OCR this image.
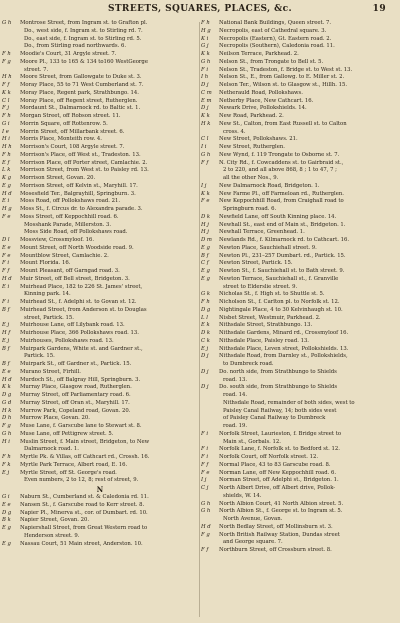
STREETS, SQUARES, PLACES, &c.	19
G h Montrose Street, from Ingram st. to Grafton pl.
Do., west side, f. Ingram st. to Stirling rd. 7.
Do., east side, f. Ingram st. to Stirling rd. 5.
Do., from Stirling road northwards. 6.
F h Moodie's Court, 31 Argyle street. 7.
F g Moore Pl., 133 to 165 & 134 to160 WestGeorge
street. 7.
H h Moore Street, from Gallowgate to Duke st. 3.
F f Moray Place, 55 to 71 West Cumberland st. 7.
K k Moray Place, Regent park, Strathbungo. 14.
C l Moray Place, off Regent street, Rutherglen.
F j Mordaunt St., Dalmarnock rd. to Baltic st. 1.
F h Morgan Street, off Robson street. 11.
G i Morrin Square, off Rottenrow. 5.
I e Morrin Street, off Millarbank street. 6.
H i Morris Place, Monteith row. 4.
H h Morrison's Court, 108 Argyle street. 7.
F h Morrison's Place, off West st., Tradeston. 13.
E f Morrison Place, off Porter street, Camlachie. 2.
L k Morrison Street, from West st. to Paisley rd. 13.
K g Morrison Street, Govan. 20.
E g Morrison Street, off Kelvin st., Maryhill. 17.
H d Mosesfield Ter., Balgrayhill, Springburn. 3.
E i Moss Road, off Pollokshaws road. 21.
H g Moss St., f. Circus dr. to Alexandra parade. 3.
F e Moss Street, off Keppochhill road. 6.
Mosshank Parade, Millerston. 3.
Moss Side Road, off Pollokshaws road.
D l Mossview, Crossmyloof. 16.
E e Mount Street, off North Woodside road. 9.
F e Mountblow Street, Camlachie. 2.
F i Mount Florida. 16.
F f Mount Pleasant, off Garngad road. 3.
H d Muir Street, off Bell street, Bridgeton. 3.
E i Muirhead Place, 182 to 226 St. James' street,
Kinning park. 14.
F i Muirhead St., f. Adelphi st. to Govan st. 12.
B f Muirhead Street, from Anderson st. to Douglas
street, Partick. 15.
E j Muirhouse Lane, off Lilybank road. 13.
H f Muirhouse Place, 366 Pollokshaws road. 13.
E j Muirhouses, Pollokshaws road. 13.
B f Muirpark Gardens, White st. and Gardner st.,
Partick. 15.
B f Muirpark St., off Gardner st., Partick. 15.
E e Murano Street, Firhill.
H d Murdoch St., off Balgray Hill, Springburn. 3.
K k Murray Place, Glasgow road, Rutherglen.
D g Murray Street, off Parliamentary road. 6.
G d Murray Street, off Oran st., Maryhill. 17.
H k Murrow Park, Copeland road, Govan. 20.
D h Murrow Place, Govan. 20.
F g Muse Lane, f. Garscube lane to Stewart st. 8.
G h Muse Lane, off Pettigrew street. 5.
H i Muslin Street, f. Main street, Bridgeton, to New
Dalmarnock road. 1.
F h Myrtle Pk. & Villas, off Cathcart rd., Crossh. 16.
F k Myrtle Park Terrace, Albert road, E. 16.
E j Myrtle Street, off St. George's road.
Even numbers, 2 to 12, 8; rest of street, 9.
N
G i Naburn St., Cumberland st. & Caledonia rd. 11.
E e Nansen St., f. Garscube road to Kerr street. 8.
D g Napier Pl., Minerva st., cor. of Dumbart. rd. 10.
B k Napier Street, Govan. 20.
E g Napiershall Street, from Great Western road to
Henderson street. 9.
E g Nassau Court, 51 Main street, Anderston. 10.
F h National Bank Buildings, Queen street. 7.
H g Necropolis, east of Cathedral square. 3.
K i Necropolis (Eastern), Gt. Eastern road. 2.
G j Necropolis (Southern), Caledonia road. 11.
K k Neilson Terrace, Parkhead. 2.
G h Nelson St., from Trongate to Bell st. 5.
F i Nelson St., Tradeston, f. Bridge st. to West st. 13.
I h Nelson St., E., from Gallowg. to E. Miller st. 2.
D j Nelson Ter., Wilson st. to Glasgow st., Hillh. 15.
C m Netherauld Road, Pollokshaws.
E m Netherby Place, New Cathcart. 16.
D j Newark Drive, Pollokshields. 14.
K k New Road, Parkhead. 2.
H k New St., Calton, from East Russell st. to Calton
cross. 4.
C l New Street, Pollokshaws. 21.
I i New Street, Rutherglen.
G h New Wynd, f. 119 Trongate to Osborne st. 7.
F f N. City Rd., f. Cowcaddens st. to Gairbraid st.,
2 to 220, and all above 868, 8 ; 1 to 47, 7 ;
all the other Nos., 9.
I j New Dalmarnock Road, Bridgeton. 1.
K k New Farme Pl., off Farmeloan rd., Rutherglen.
F e New Keppochhill Road, from Craighall road to
Springburn road. 6.
D k Newfield Lane, off South Kinning place. 14.
H j Newhall St., east end of Main st., Bridgeton. 1.
H j Newhall Terrace, Greenhead. 1.
D m Newlands Rd., f. Kilmarnock rd. to Cathcart. 16.
E g Newton Place, Sauchiehall street. 9.
B f Newton Pl., 231–257 Dumbart. rd., Partick. 15.
C f Newton Street, Partick. 15.
E g Newton St., f. Sauchiehall st. to Bath street. 9.
E g Newton Terrace, Sauchiehall st., f. Granville
street to Elderslie street. 9.
G k Nicholas St., f. High st. to Shuttle st. 5.
F h Nicholson St., f. Carlton pl. to Norfolk st. 12.
D g Nightingale Place, 4 to 30 Kelvinhaugh st. 10.
L l Nisbet Street, Westmuir, Parkhead. 2.
E k Nithsdale Street, Strathbungo. 13.
D k Nithsdale Gardens, Minard rd., Crossmyloof 16.
C k Nithsdale Place, Paisley road. 13.
E j Nithsdale Place, Leven street, Pollokshields. 13.
D j Nithsdale Road, from Darnley st., Pollokshields,
to Dumbreck road.
D j Do. north side, from Strathbungo to Shields
road. 13.
D j Do. south side, from Strathbungo to Shields
road. 14.
Nithsdale Road, remainder of both sides, west to
Paisley Canal Railway, 14; both sides west
of Paisley Canal Railway to Dumbreck
road. 19.
F i Norfolk Street, Laurieston, f. Bridge street to
Main st., Gorbals. 12.
F i Norfolk Lane, f. Norfolk st. to Bedford st. 12.
F i Norfolk Court, off Norfolk street. 12.
F f Normal Place, 43 to 83 Garscube road. 8.
F e Norman Lane, off New Keppochhill road. 6.
I j Norman Street, off Adelphi st., Bridgeton. 1.
C j North Albert Drive, off Albert drive, Pollok-
shields, W. 14.
G h North Albion Court, 41 North Albion street. 5.
G h North Albion St., f. George st. to Ingram st. 5.
North Avenue, Govan.
H d North Bedlay Street, off Mollinsburn st. 3.
F g North British Railway Station, Dundas street
and George square. 7.
F f Northburn Street, off Crossburn street. 8.
